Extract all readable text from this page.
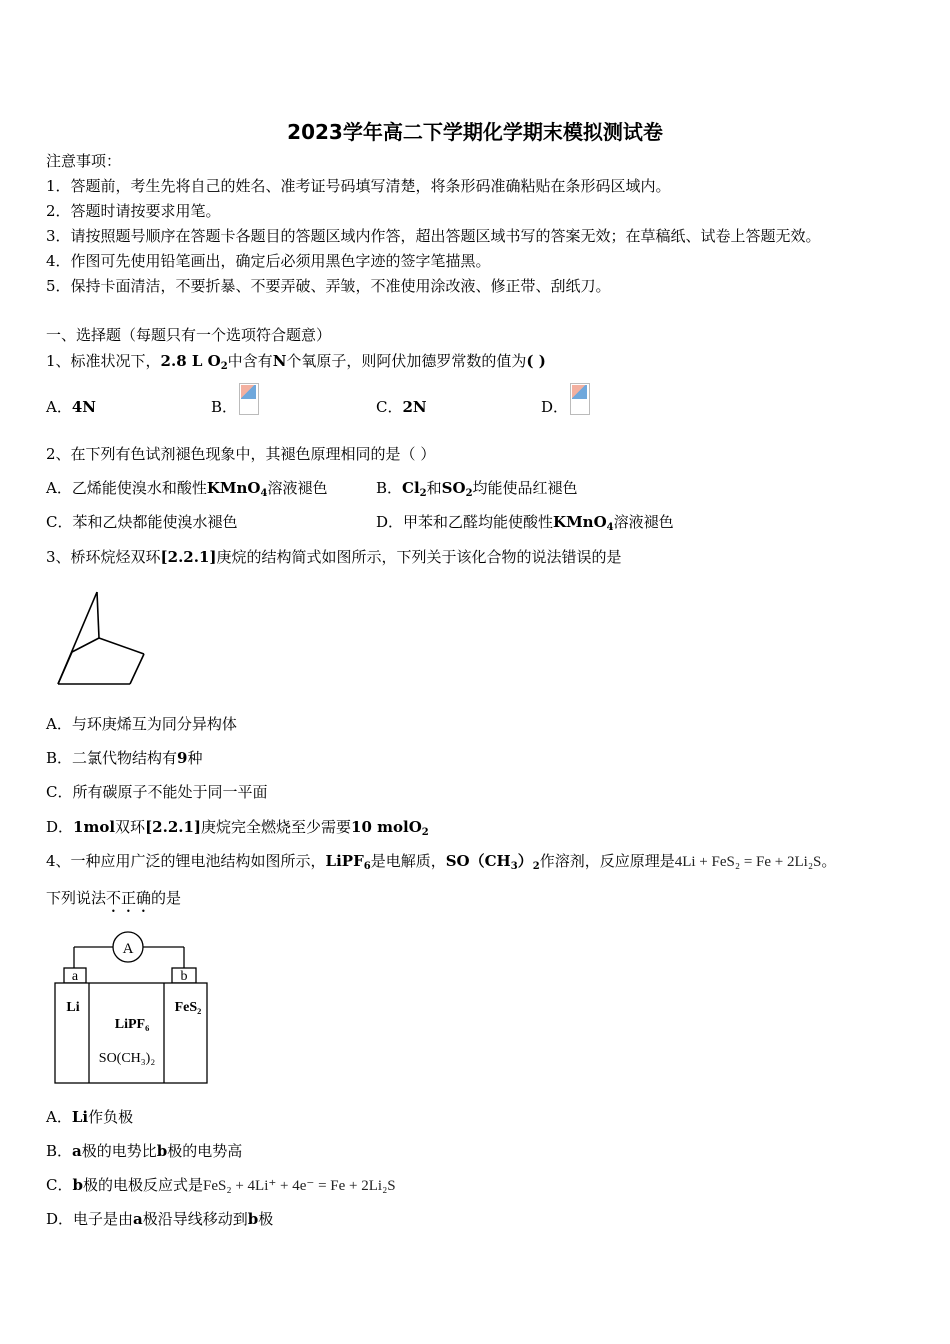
2023学年高二下学期化学期末模拟测试卷
注意事项：
1．答题前，考生先将自己的姓名、准考证号码填写清楚，将条形码准确粘贴在条形码区域内。
2．答题时请按要求用笔。
3．请按照题号顺序在答题卡各题目的答题区域内作答，超出答题区域书写的答案无效；在草稿纸、试卷上答题无效。
4．作图可先使用铅笔画出，确定后必须用黑色字迹的签字笔描黑。
5．保持卡面清洁，不要折暴、不要弄破、弄皱，不准使用涂改液、修正带、刮纸刀。
一、选择题（每题只有一个选项符合题意）
1、标准状况下，2.8 L $O_2$中含有N个氧原子，则阿伏加德罗常数的值为( )
A．4N	B．	C．2N	D．
2、在下列有色试剂褪色现象中，其褪色原理相同的是（ ）
A．乙烯能使溴水和酸性KMnO$_4$溶液褪色	B．$Cl_2$和$SO_2$均能使品红褪色
C．苯和乙炔都能使溴水褪色	D．甲苯和乙醛均能使酸性KMnO$_4$溶液褪色
3、桥环烷烃双环[2.2.1]庚烷的结构简式如图所示，下列关于该化合物的说法错误的是
A．与环庚烯互为同分异构体
B．二氯代物结构有9种
C．所有碳原子不能处于同一平面
D．1mol双环[2.2.1]庚烷完全燃烧至少需要10 molO$_2$
4、一种应用广泛的锂电池结构如图所示，LiPF$_6$是电解质，$SO(CH_3)_2$作溶剂，反应原理是4Li + FeS₂ = Fe + 2Li₂S。
下列说法不正确的是
A
a	b
Li	FeS₂
LiPF₆
SO(CH₃)₂
A．Li作负极
B．a极的电势比b极的电势高
C．b极的电极反应式是FeS₂ + 4Li⁺ + 4e⁻ = Fe + 2Li₂S
D．电子是由a极沿导线移动到b极
